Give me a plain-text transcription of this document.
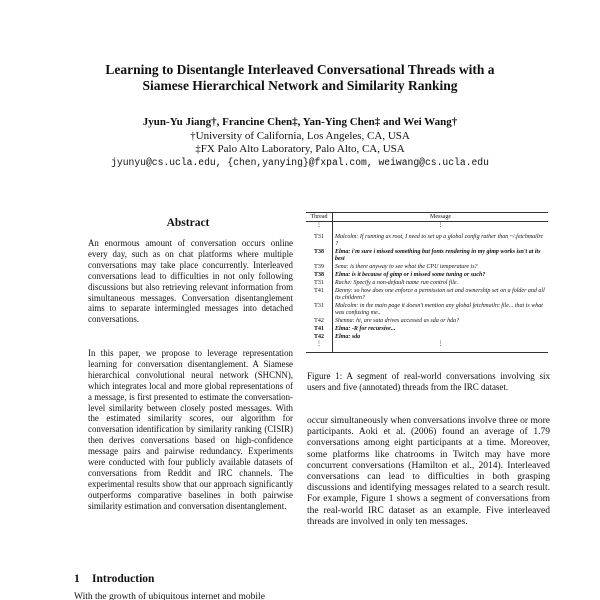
Learning to Disentangle Interleaved Conversational Threads with a
Siamese Hierarchical Network and Similarity Ranking
Jyun-Yu Jiang†, Francine Chen‡, Yan-Ying Chen‡ and Wei Wang†
†University of California, Los Angeles, CA, USA
‡FX Palo Alto Laboratory, Palo Alto, CA, USA
jyunyu@cs.ucla.edu, {chen,yanying}@fxpal.com, weiwang@cs.ucla.edu
Abstract
An enormous amount of conversation occurs online every day, such as on chat platforms where multiple conversations may take place concurrently. Interleaved conversations lead to difficulties in not only following discussions but also retrieving relevant information from simultaneous messages. Conversation disentanglement aims to separate intermingled messages into detached conversations.
In this paper, we propose to leverage representation learning for conversation disentanglement. A Siamese hierarchical convolutional neural network (SHCNN), which integrates local and more global representations of a message, is first presented to estimate the conversation-level similarity between closely posted messages. With the estimated similarity scores, our algorithm for conversation identification by similarity ranking (CISIR) then derives conversations based on high-confidence message pairs and pairwise redundancy. Experiments were conducted with four publicly available datasets of conversations from Reddit and IRC channels. The experimental results show that our approach significantly outperforms comparative baselines in both pairwise similarity estimation and conversation disentanglement.
1 Introduction
With the growth of ubiquitous internet and mobile
Thread	Message
⋮	⋮
T31	Malcolm: If running as root, I need to set up a global config rather than ~/.fetchmailrc ?
T38	Elma: i'm sure i missed something but fonts rendering in my gimp works isn't at its best
T39	Sena: is there anyway to see what the CPU temperature is?
T38	Elma: is it because of gimp or i missed some tuning or such?
T31	Rache: Specify a non-default name run control file.
T41	Denny: so how does one enforce a permission set and ownership set on a folder and all its children?
T31	Malcolm: in the main page it doesn't mention any global fetchmailrc file... that is what was confusing me..
T42	Shenna: hi, are sata drives accessed as sda or hda?
T41	Elma: -R for recursive...
T42	Elma: sda
⋮	⋮
Figure 1: A segment of real-world conversations involving six users and five (annotated) threads from the IRC dataset.

occur simultaneously when conversations involve three or more participants. Aoki et al. (2006) found an average of 1.79 conversations among eight participants at a time. Moreover, some platforms like chatrooms in Twitch may have more concurrent conversations (Hamilton et al., 2014). Interleaved conversations can lead to difficulties in both grasping discussions and identifying messages related to a search result. For example, Figure 1 shows a segment of conversations from the real-world IRC dataset as an example. Five interleaved threads are involved in only ten messages.
